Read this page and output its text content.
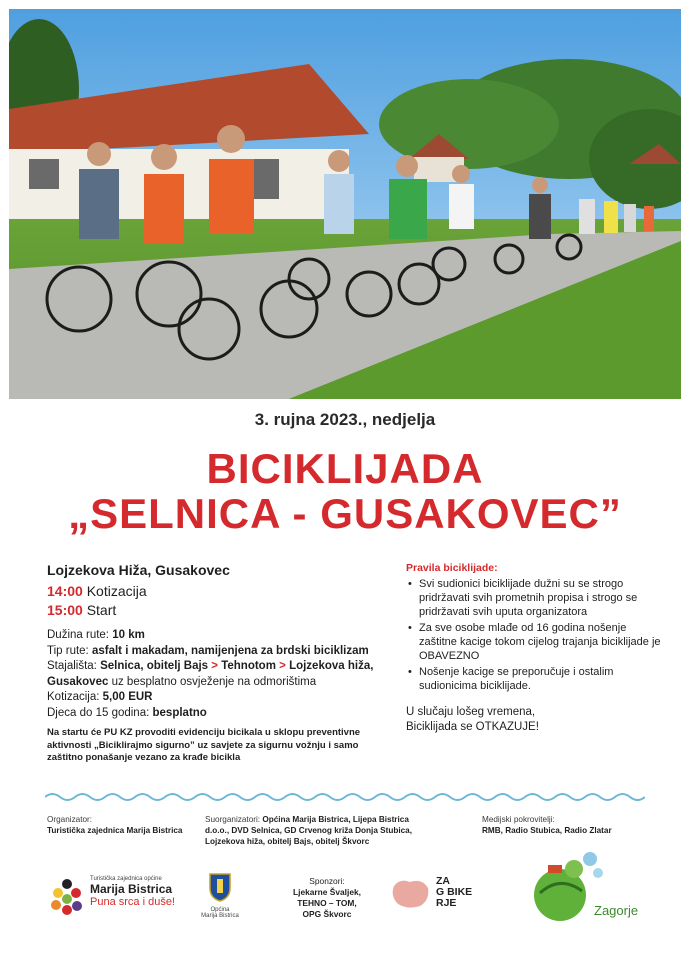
3. rujna 2023., nedjelja
BICIKLIJADA
„SELNICA - GUSAKOVEC”
Lojzekova Hiža, Gusakovec
14:00 Kotizacija
15:00 Start
Dužina rute: 10 km
Tip rute: asfalt i makadam, namijenjena za brdski biciklizam
Stajališta: Selnica, obitelj Bajs > Tehnotom > Lojzekova hiža, Gusakovec uz besplatno osvježenje na odmorištima
Kotizacija: 5,00 EUR
Djeca do 15 godina: besplatno
Na startu će PU KZ provoditi evidenciju bicikala u sklopu preventivne aktivnosti „Biciklirajmo sigurno” uz savjete za sigurnu vožnju i samo zaštitno ponašanje vezano za krađe bicikla
Pravila biciklijade:
• Svi sudionici biciklijade dužni su se strogo pridržavati svih prometnih propisa i strogo se pridržavati svih uputa organizatora
• Za sve osobe mlađe od 16 godina nošenje zaštitne kacige tokom cijelog trajanja biciklijade je OBAVEZNO
• Nošenje kacige se preporučuje i ostalim sudionicima biciklijade.
U slučaju lošeg vremena,
Biciklijada se OTKAZUJE!
Organizator:
Turistička zajednica Marija Bistrica
Suorganizatori: Općina Marija Bistrica, Lijepa Bistrica d.o.o., DVD Selnica, GD Crvenog križa Donja Stubica, Lojzekova hiža, obitelj Bajs, obitelj Škvorc
Medijski pokrovitelji:
RMB, Radio Stubica, Radio Zlatar
Turistička zajednica općine
Marija Bistrica
Puna srca i duše!
Općina
Marija Bistrica
Sponzori:
Ljekarne Švaljek,
TEHNO – TOM,
OPG Škvorc
ZA
G BIKE
RJE	Zagorje
